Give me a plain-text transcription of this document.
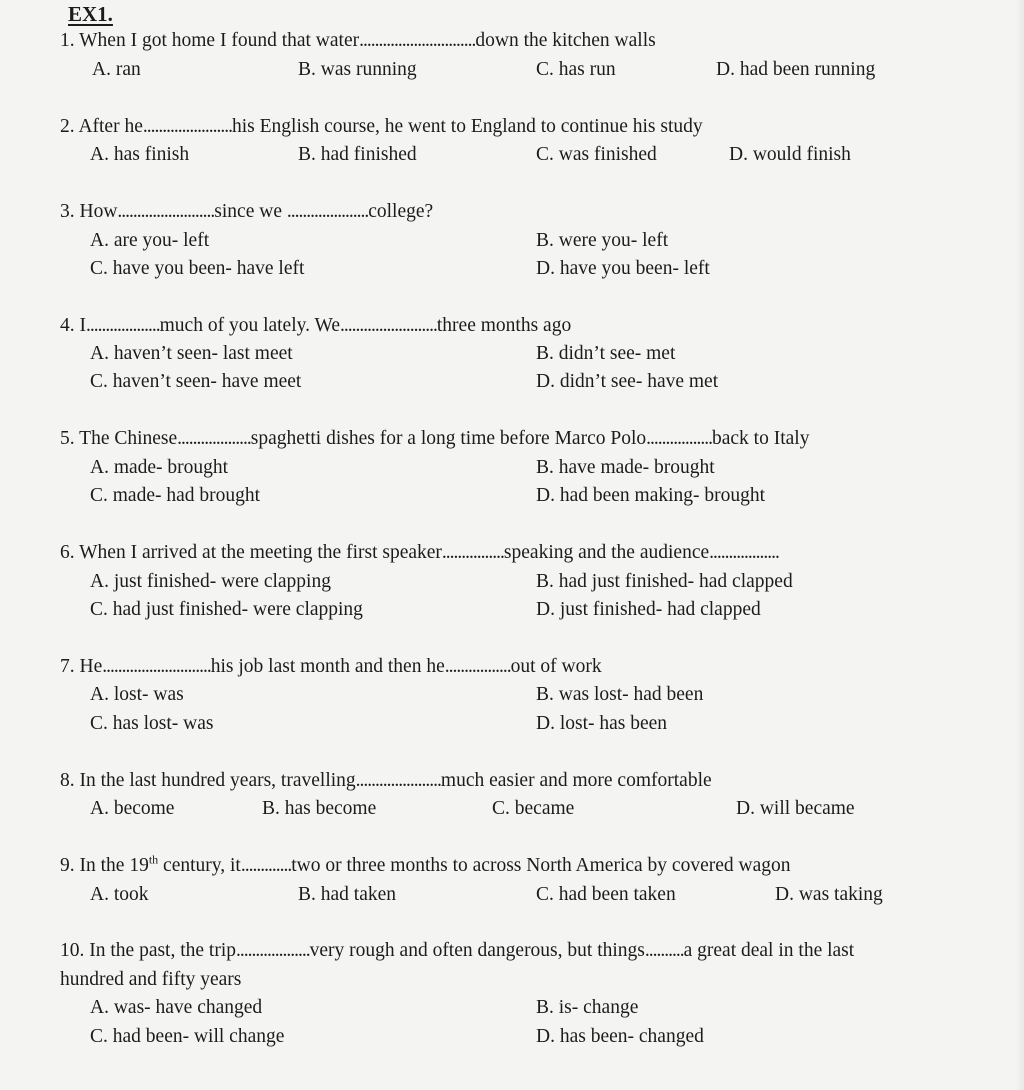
EX1.
1. When I got home I found that water..............................down the kitchen walls
A. ran	B. was running	C. has run	D. had been running
2. After he.......................his English course, he went to England to continue his study
A. has finish	B. had finished	C. was finished	D. would finish
3. How.........................since we .....................college?
A. are you- left	B. were you- left
C. have you been- have left	D. have you been- left
4. I...................much of you lately. We.........................three months ago
A. haven’t seen- last meet	B. didn’t see- met
C. haven’t seen- have meet	D. didn’t see- have met
5. The Chinese...................spaghetti dishes for a long time before Marco Polo.................back to Italy
A. made- brought	B. have made- brought
C. made- had brought	D. had been making- brought
6. When I arrived at the meeting the first speaker................speaking and the audience..................
A. just finished- were clapping	B. had just finished- had clapped
C. had just finished- were clapping	D. just finished- had clapped
7. He............................his job last month and then he.................out of work
A. lost- was	B. was lost- had been
C. has lost- was	D. lost- has been
8. In the last hundred years, travelling......................much easier and more comfortable
A. become	B. has become	C. became	D. will became
9. In the 19th century, it.............two or three months to across North America by covered wagon
A. took	B. had taken	C. had been taken	D. was taking
10. In the past, the trip...................very rough and often dangerous, but things..........a great deal in the last
hundred and fifty years
A. was- have changed	B. is- change
C. had been- will change	D. has been- changed
